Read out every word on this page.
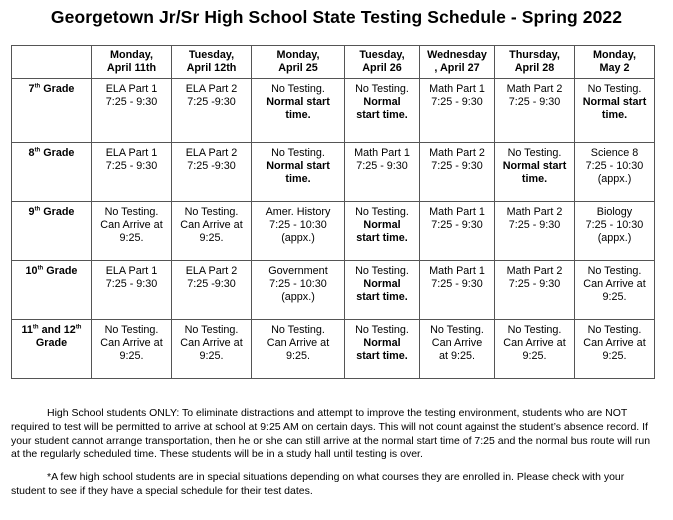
Georgetown Jr/Sr High School State Testing Schedule - Spring 2022

	Monday,
April 11th	Tuesday,
April 12th	Monday,
April 25	Tuesday,
April 26	Wednesday
, April 27	Thursday,
April 28	Monday,
May 2

7th Grade	ELA Part 1
7:25 - 9:30	ELA Part 2
7:25 -9:30	No Testing.
Normal start
time.	No Testing.
Normal
start time.	Math Part 1
7:25 - 9:30	Math Part 2
7:25 - 9:30	No Testing.
Normal start
time.

8th Grade	ELA Part 1
7:25 - 9:30	ELA Part 2
7:25 -9:30	No Testing.
Normal start
time.	Math Part 1
7:25 - 9:30	Math Part 2
7:25 - 9:30	No Testing.
Normal start
time.	Science 8
7:25 - 10:30
(appx.)

9th Grade	No Testing.
Can Arrive at
9:25.	No Testing.
Can Arrive at
9:25.	Amer. History
7:25 - 10:30
(appx.)	No Testing.
Normal
start time.	Math Part 1
7:25 - 9:30	Math Part 2
7:25 - 9:30	Biology
7:25 - 10:30
(appx.)

10th Grade	ELA Part 1
7:25 - 9:30	ELA Part 2
7:25 -9:30	Government
7:25 - 10:30
(appx.)	No Testing.
Normal
start time.	Math Part 1
7:25 - 9:30	Math Part 2
7:25 - 9:30	No Testing.
Can Arrive at
9:25.

11th and 12th
Grade	No Testing.
Can Arrive at
9:25.	No Testing.
Can Arrive at
9:25.	No Testing.
Can Arrive at
9:25.	No Testing.
Normal
start time.	No Testing.
Can Arrive
at 9:25.	No Testing.
Can Arrive at
9:25.	No Testing.
Can Arrive at
9:25.
High School students ONLY: To eliminate distractions and attempt to improve the testing environment, students who are NOT required to test will be permitted to arrive at school at 9:25 AM on certain days. This will not count against the student’s absence record. If your student cannot arrange transportation, then he or she can still arrive at the normal start time of 7:25 and the normal bus route will run at the regularly scheduled time. These students will be in a study hall until testing is over.
*A few high school students are in special situations depending on what courses they are enrolled in. Please check with your student to see if they have a special schedule for their test dates.
